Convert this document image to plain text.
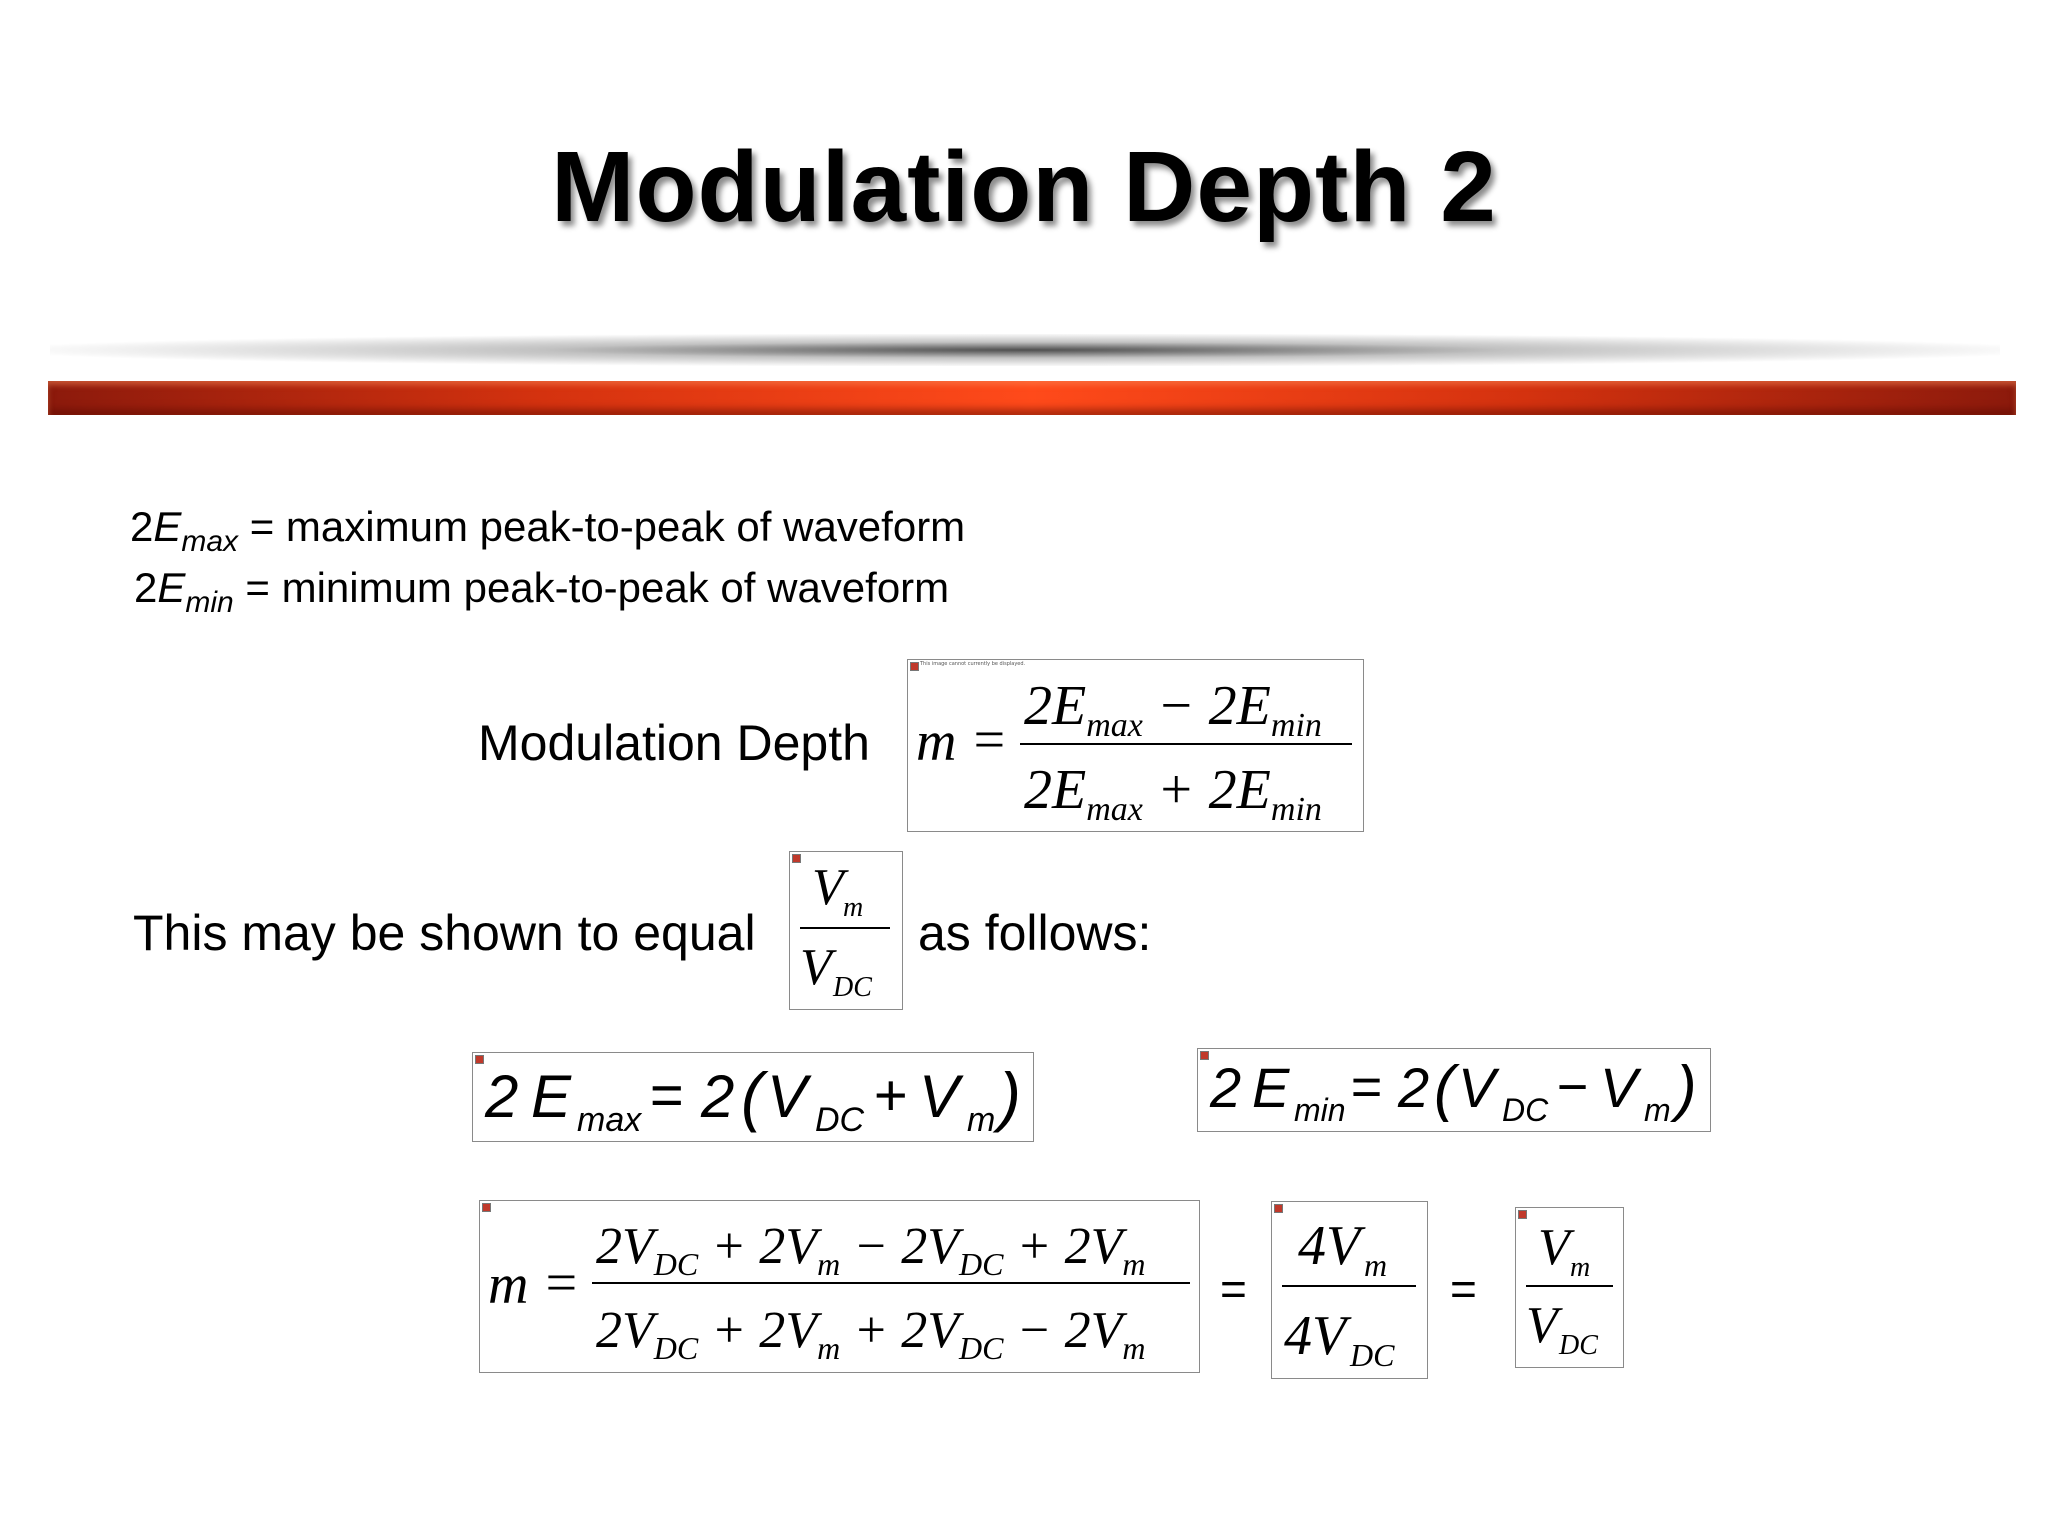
Modulation Depth 2
$2E_{max}$ = maximum peak-to-peak of waveform
$2E_{min}$ = minimum peak-to-peak of waveform
Modulation Depth
This image cannot currently be displayed.
m =
$2E_{max} - 2E_{min}$
$2E_{max} + 2E_{min}$
This may be shown to equal
V m
V DC
as follows:
2 E max = 2 ( V DC + V m )	2 E min = 2 ( V DC − V m )
m =
$2V_{DC} + 2V_m - 2V_{DC} + 2V_m$
$2V_{DC} + 2V_m + 2V_{DC} - 2V_m$
=
4V m
4V DC
=
V m
V DC
